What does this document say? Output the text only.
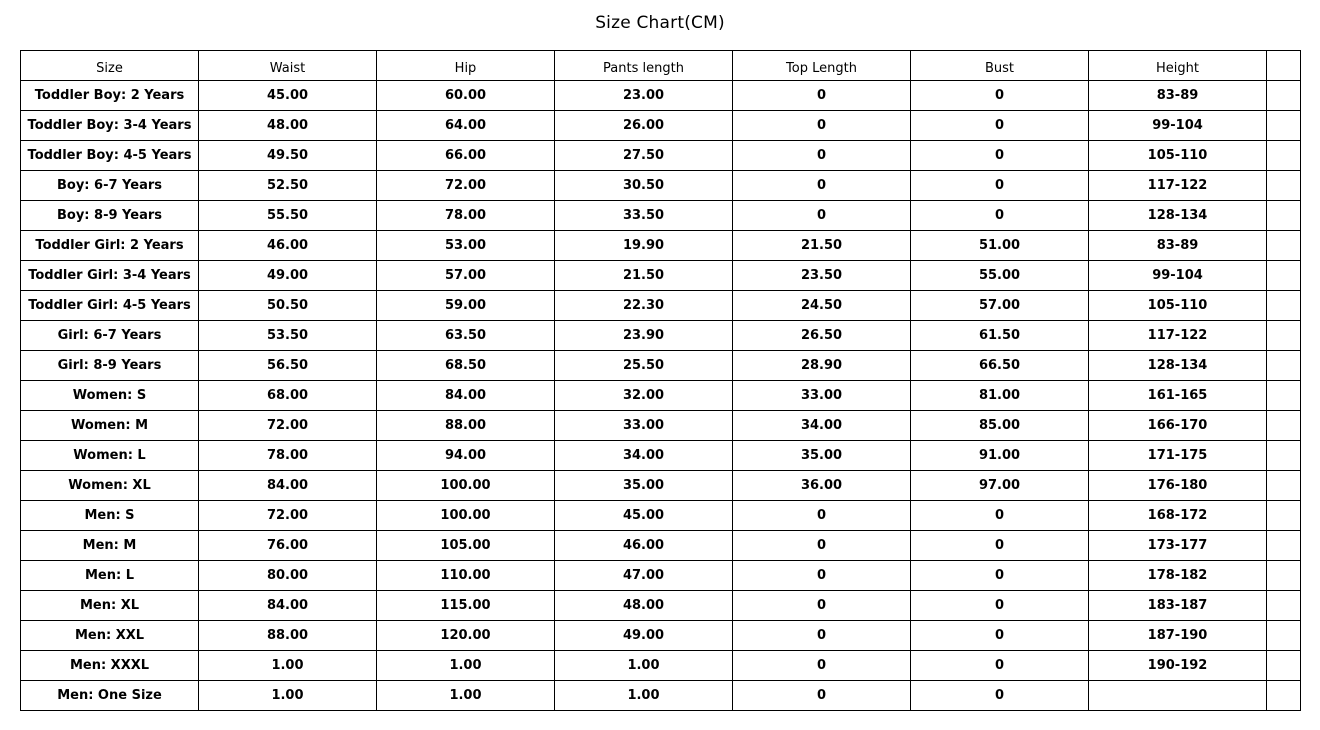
Size Chart(CM)
Size	Waist	Hip	Pants length	Top Length	Bust	Height	
Toddler Boy: 2 Years	45.00	60.00	23.00	0	0	83-89	
Toddler Boy: 3-4 Years	48.00	64.00	26.00	0	0	99-104	
Toddler Boy: 4-5 Years	49.50	66.00	27.50	0	0	105-110	
Boy: 6-7 Years	52.50	72.00	30.50	0	0	117-122	
Boy: 8-9 Years	55.50	78.00	33.50	0	0	128-134	
Toddler Girl: 2 Years	46.00	53.00	19.90	21.50	51.00	83-89	
Toddler Girl: 3-4 Years	49.00	57.00	21.50	23.50	55.00	99-104	
Toddler Girl: 4-5 Years	50.50	59.00	22.30	24.50	57.00	105-110	
Girl: 6-7 Years	53.50	63.50	23.90	26.50	61.50	117-122	
Girl: 8-9 Years	56.50	68.50	25.50	28.90	66.50	128-134	
Women: S	68.00	84.00	32.00	33.00	81.00	161-165	
Women: M	72.00	88.00	33.00	34.00	85.00	166-170	
Women: L	78.00	94.00	34.00	35.00	91.00	171-175	
Women: XL	84.00	100.00	35.00	36.00	97.00	176-180	
Men: S	72.00	100.00	45.00	0	0	168-172	
Men: M	76.00	105.00	46.00	0	0	173-177	
Men: L	80.00	110.00	47.00	0	0	178-182	
Men: XL	84.00	115.00	48.00	0	0	183-187	
Men: XXL	88.00	120.00	49.00	0	0	187-190	
Men: XXXL	1.00	1.00	1.00	0	0	190-192	
Men: One Size	1.00	1.00	1.00	0	0		
